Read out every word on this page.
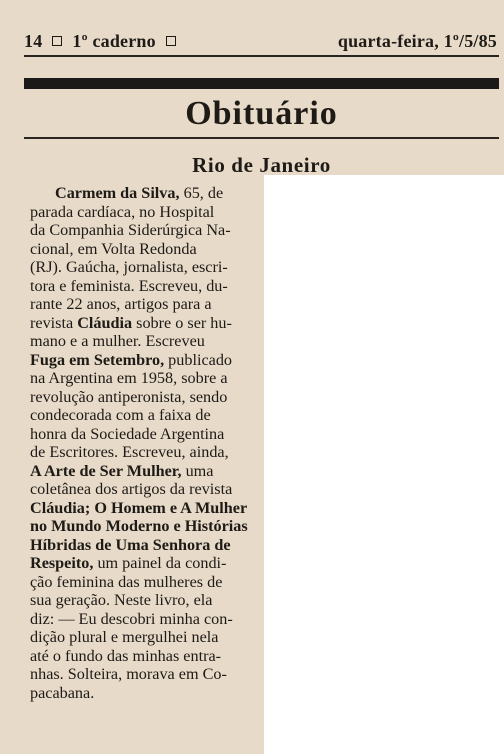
14 1º caderno	quarta-feira, 1º/5/85
Obituário
Rio de Janeiro
Carmem da Silva, 65, de
parada cardíaca, no Hospital
da Companhia Siderúrgica Na-
cional, em Volta Redonda
(RJ). Gaúcha, jornalista, escri-
tora e feminista. Escreveu, du-
rante 22 anos, artigos para a
revista Cláudia sobre o ser hu-
mano e a mulher. Escreveu
Fuga em Setembro, publicado
na Argentina em 1958, sobre a
revolução antiperonista, sendo
condecorada com a faixa de
honra da Sociedade Argentina
de Escritores. Escreveu, ainda,
A Arte de Ser Mulher, uma
coletânea dos artigos da revista
Cláudia; O Homem e A Mulher
no Mundo Moderno e Histórias
Híbridas de Uma Senhora de
Respeito, um painel da condi-
ção feminina das mulheres de
sua geração. Neste livro, ela
diz: — Eu descobri minha con-
dição plural e mergulhei nela
até o fundo das minhas entra-
nhas. Solteira, morava em Co-
pacabana.
